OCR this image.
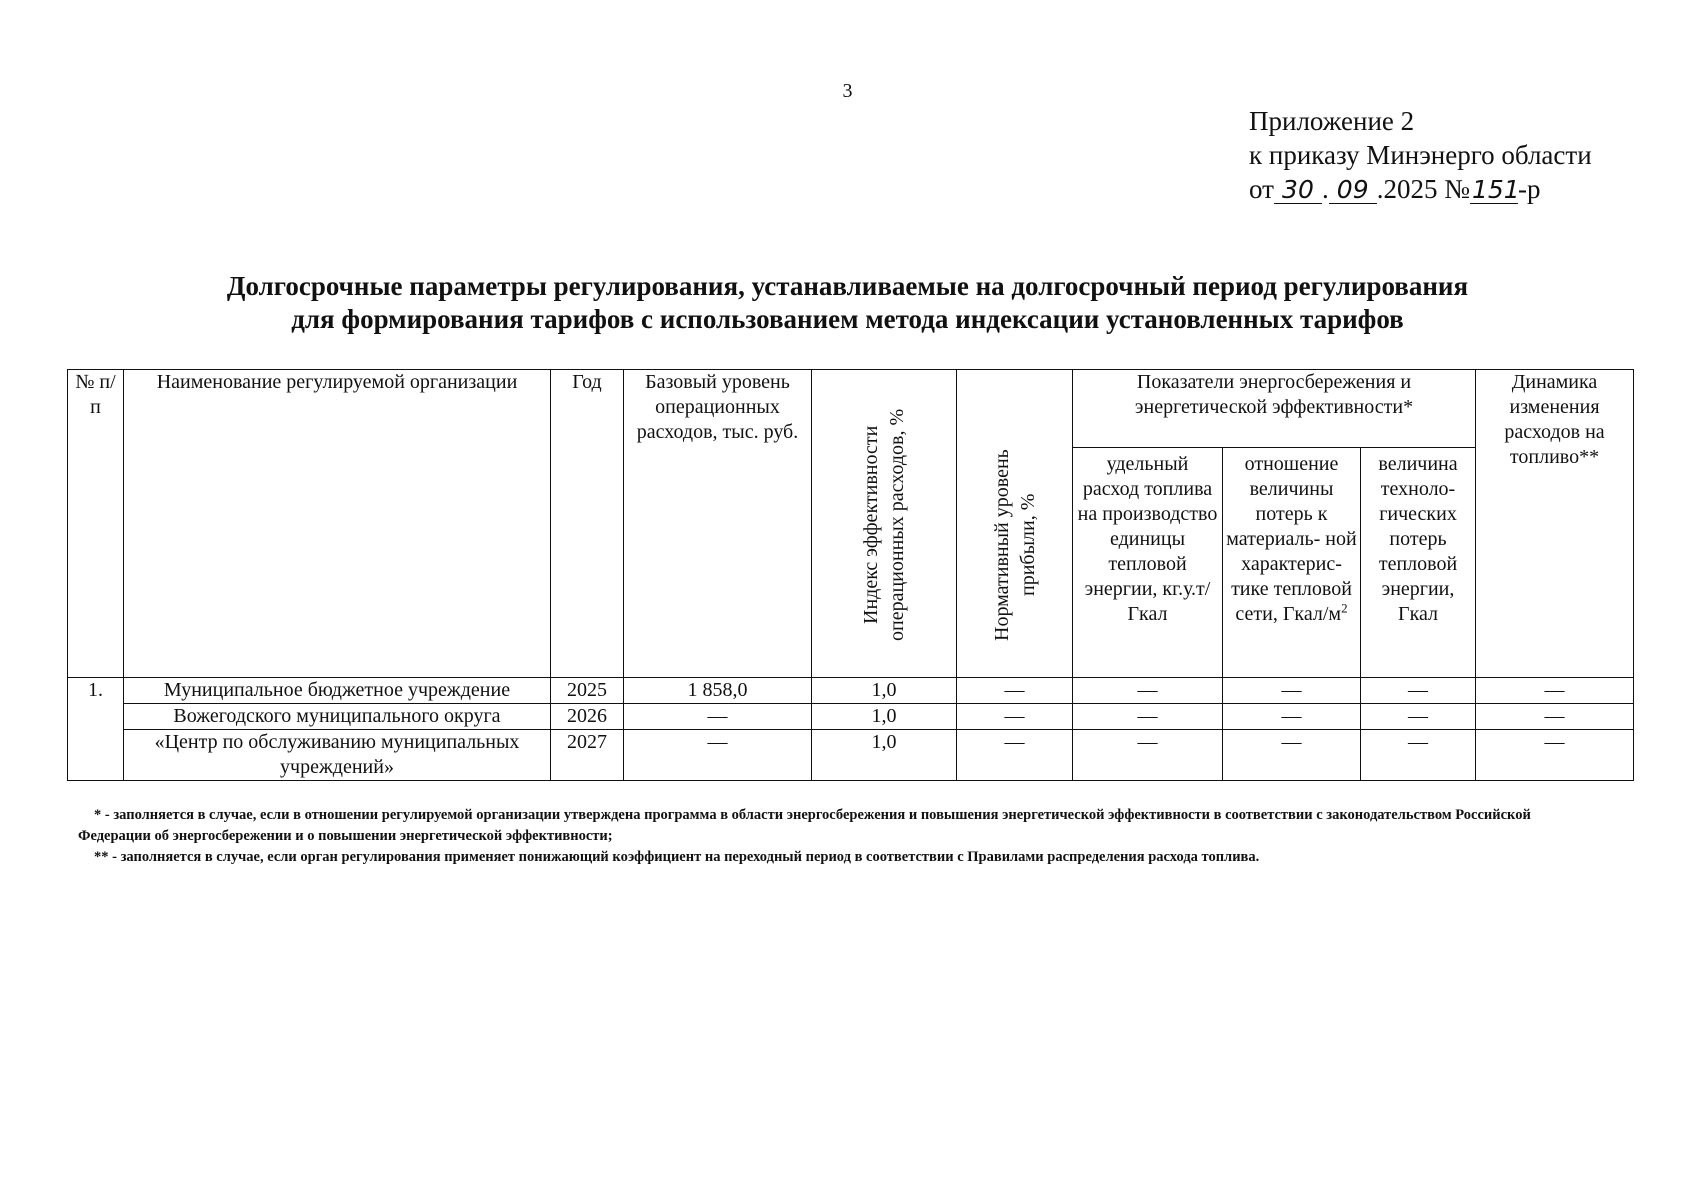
3
Приложение 2
к приказу Минэнерго области
от 30 . 09 .2025 №151-р
Долгосрочные параметры регулирования, устанавливаемые на долгосрочный период регулирования
для формирования тарифов с использованием метода индексации установленных тарифов
№ п/п	Наименование регулируемой организации	Год	Базовый уровень операционных расходов, тыс. руб.	Индекс эффективности операционных расходов, %	Нормативный уровень прибыли, %	Показатели энергосбережения и энергетической эффективности*			Динамика изменения расходов на топливо**
						удельный расход топлива на производство единицы тепловой энергии, кг.у.т/Гкал	отношение величины потерь к материаль- ной характерис- тике тепловой сети, Гкал/$м^2$	величина техноло- гических потерь тепловой энергии, Гкал	
1.	Муниципальное бюджетное учреждение	2025	1 858,0	1,0	—	—	—	—	—
	Вожегодского муниципального округа	2026	—	1,0	—	—	—	—	—
	«Центр по обслуживанию муниципальных учреждений»	2027	—	1,0	—	—	—	—	—

* - заполняется в случае, если в отношении регулируемой организации утверждена программа в области энергосбережения и повышения энергетической эффективности в соответствии с законодательством Российской Федерации об энергосбережении и о повышении энергетической эффективности;

** - заполняется в случае, если орган регулирования применяет понижающий коэффициент на переходный период в соответствии с Правилами распределения расхода топлива.
